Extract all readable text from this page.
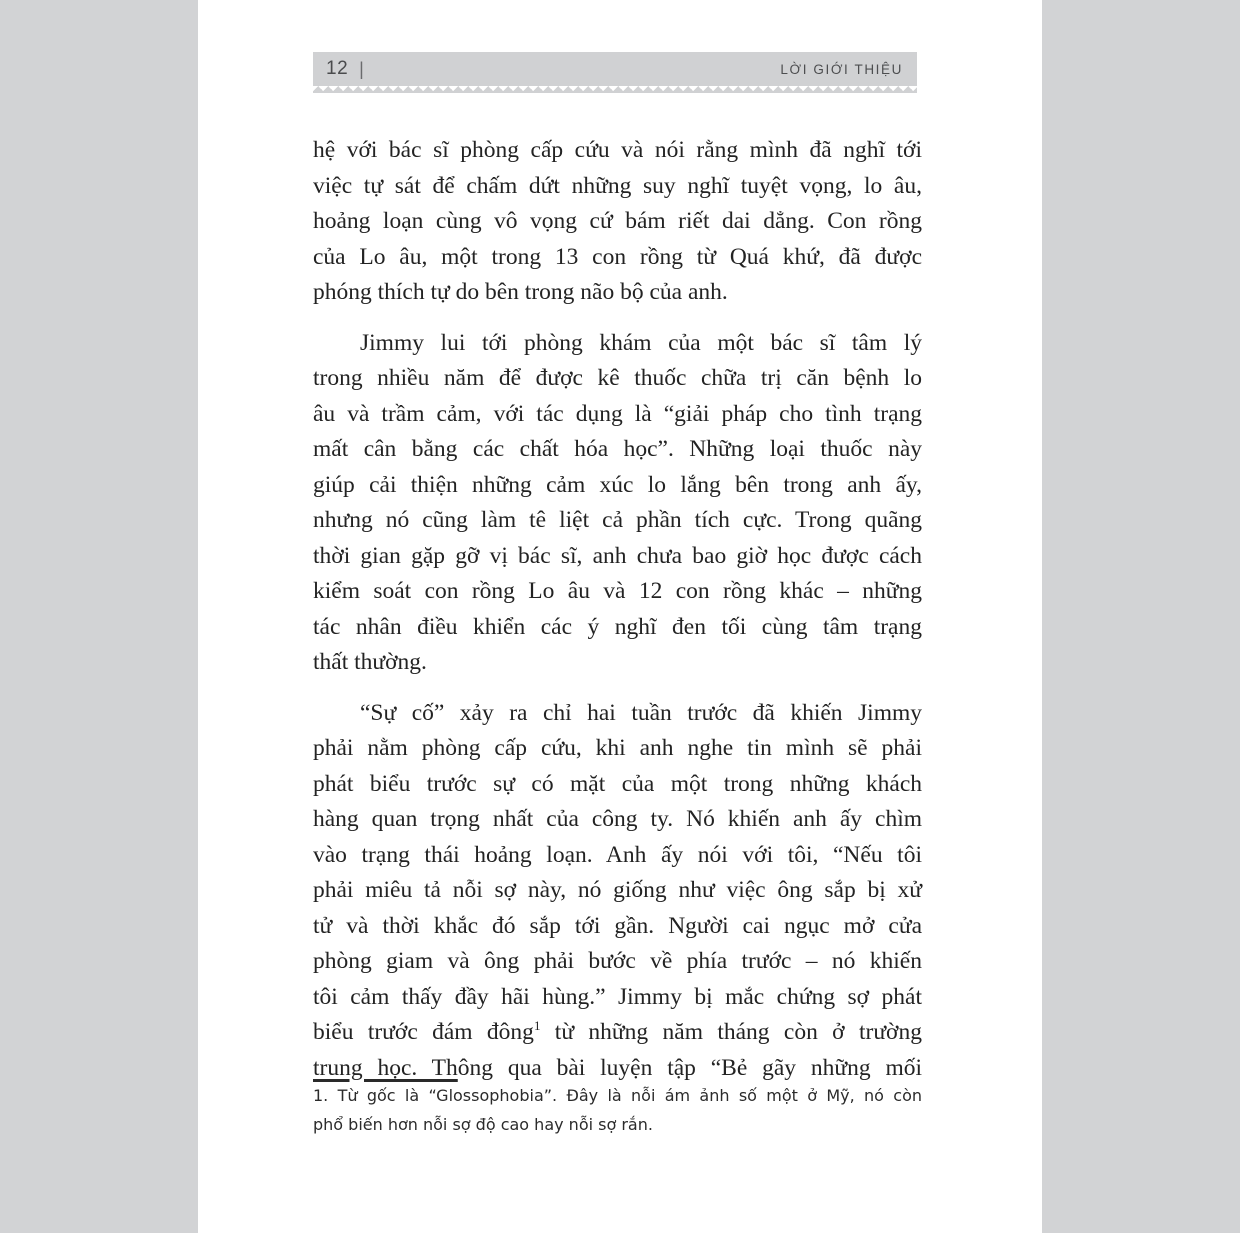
12 |	LỜI GIỚI THIỆU
hệ với bác sĩ phòng cấp cứu và nói rằng mình đã nghĩ tới
việc tự sát để chấm dứt những suy nghĩ tuyệt vọng, lo âu,
hoảng loạn cùng vô vọng cứ bám riết dai dẳng. Con rồng
của Lo âu, một trong 13 con rồng từ Quá khứ, đã được
phóng thích tự do bên trong não bộ của anh.
Jimmy lui tới phòng khám của một bác sĩ tâm lý
trong nhiều năm để được kê thuốc chữa trị căn bệnh lo
âu và trầm cảm, với tác dụng là “giải pháp cho tình trạng
mất cân bằng các chất hóa học”. Những loại thuốc này
giúp cải thiện những cảm xúc lo lắng bên trong anh ấy,
nhưng nó cũng làm tê liệt cả phần tích cực. Trong quãng
thời gian gặp gỡ vị bác sĩ, anh chưa bao giờ học được cách
kiểm soát con rồng Lo âu và 12 con rồng khác – những
tác nhân điều khiển các ý nghĩ đen tối cùng tâm trạng
thất thường.
“Sự cố” xảy ra chỉ hai tuần trước đã khiến Jimmy
phải nằm phòng cấp cứu, khi anh nghe tin mình sẽ phải
phát biểu trước sự có mặt của một trong những khách
hàng quan trọng nhất của công ty. Nó khiến anh ấy chìm
vào trạng thái hoảng loạn. Anh ấy nói với tôi, “Nếu tôi
phải miêu tả nỗi sợ này, nó giống như việc ông sắp bị xử
tử và thời khắc đó sắp tới gần. Người cai ngục mở cửa
phòng giam và ông phải bước về phía trước – nó khiến
tôi cảm thấy đầy hãi hùng.” Jimmy bị mắc chứng sợ phát
biểu trước đám đông$^1$ từ những năm tháng còn ở trường
trung học. Thông qua bài luyện tập “Bẻ gãy những mối
1. Từ gốc là “Glossophobia”. Đây là nỗi ám ảnh số một ở Mỹ, nó còn
phổ biến hơn nỗi sợ độ cao hay nỗi sợ rắn.
